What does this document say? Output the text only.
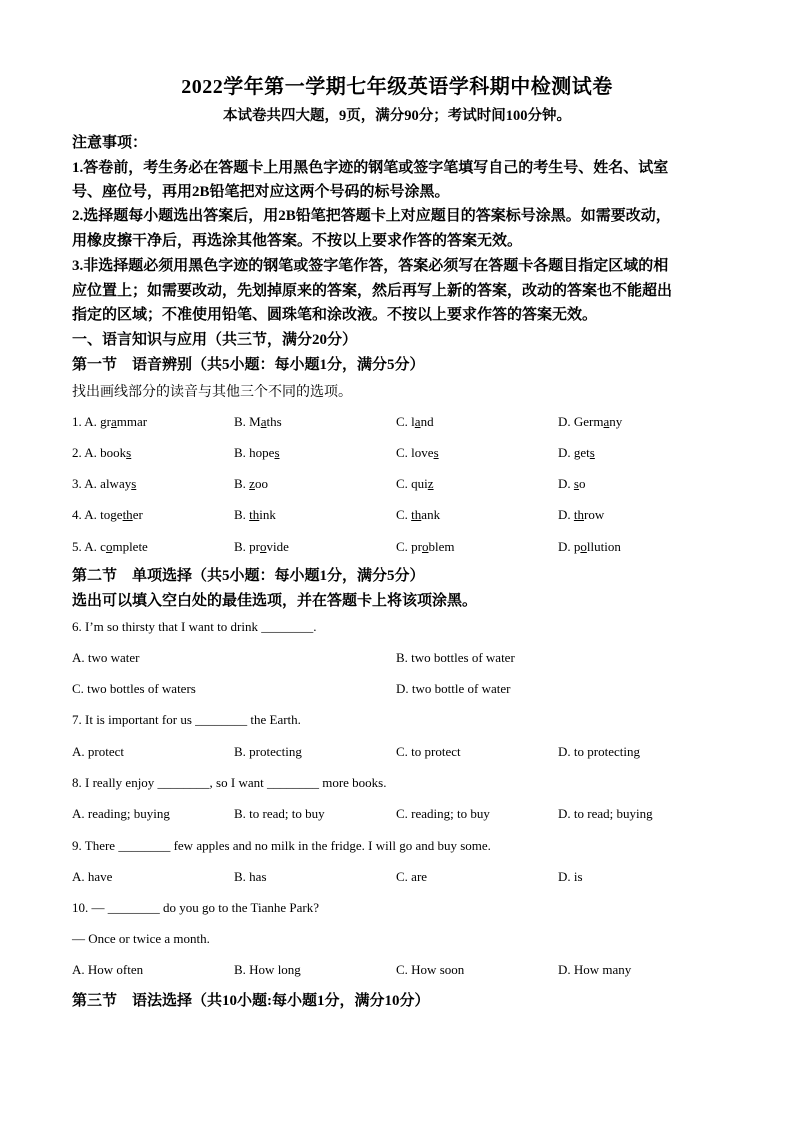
2022学年第一学期七年级英语学科期中检测试卷
本试卷共四大题，9页，满分90分；考试时间100分钟。
注意事项：
1.答卷前，考生务必在答题卡上用黑色字迹的钢笔或签字笔填写自己的考生号、姓名、试室
号、座位号，再用2B铅笔把对应这两个号码的标号涂黑。
2.选择题每小题选出答案后，用2B铅笔把答题卡上对应题目的答案标号涂黑。如需要改动，
用橡皮擦干净后，再选涂其他答案。不按以上要求作答的答案无效。
3.非选择题必须用黑色字迹的钢笔或签字笔作答，答案必须写在答题卡各题目指定区域的相
应位置上；如需要改动，先划掉原来的答案，然后再写上新的答案，改动的答案也不能超出
指定的区域；不准使用铅笔、圆珠笔和涂改液。不按以上要求作答的答案无效。
一、语言知识与应用（共三节，满分20分）
第一节　语音辨别（共5小题：每小题1分，满分5分）
找出画线部分的读音与其他三个不同的选项。
1. A. grammar	B. Maths	C. land	D. Germany
2. A. books	B. hopes	C. loves	D. gets
3. A. always	B. zoo	C. quiz	D. so
4. A. together	B. think	C. thank	D. throw
5. A. complete	B. provide	C. problem	D. pollution
第二节　单项选择（共5小题：每小题1分，满分5分）
选出可以填入空白处的最佳选项，并在答题卡上将该项涂黑。
6. I’m so thirsty that I want to drink ________.
A. two water	B. two bottles of water
C. two bottles of waters	D. two bottle of water
7. It is important for us ________ the Earth.
A. protect	B. protecting	C. to protect	D. to protecting
8. I really enjoy ________, so I want ________ more books.
A. reading; buying	B. to read; to buy	C. reading; to buy	D. to read; buying
9. There ________ few apples and no milk in the fridge. I will go and buy some.
A. have	B. has	C. are	D. is
10. — ________ do you go to the Tianhe Park?
— Once or twice a month.
A. How often	B. How long	C. How soon	D. How many
第三节　语法选择（共10小题:每小题1分，满分10分）
